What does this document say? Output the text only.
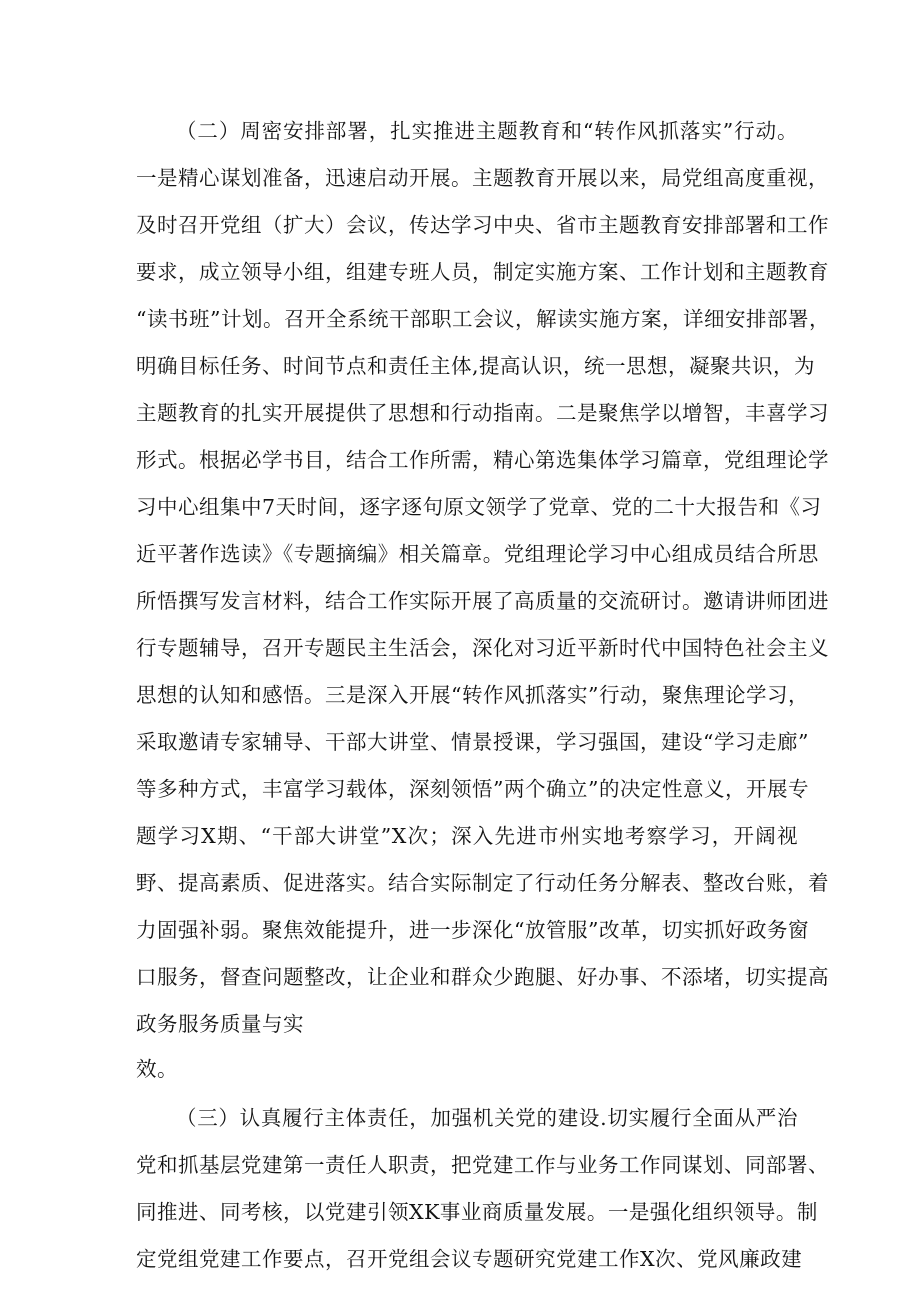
（二）周密安排部署，扎实推进主题教育和“转作风抓落实”行动。
一是精心谋划准备，迅速启动开展。主题教育开展以来，局党组高度重视，
及时召开党组（扩大）会议，传达学习中央、省市主题教育安排部署和工作
要求，成立领导小组，组建专班人员，制定实施方案、工作计划和主题教育
“读书班”计划。召开全系统干部职工会议，解读实施方案，详细安排部署，
明确目标任务、时间节点和责任主体,提高认识，统一思想，凝聚共识，为
主题教育的扎实开展提供了思想和行动指南。二是聚焦学以增智，丰喜学习
形式。根据必学书目，结合工作所需，精心第选集体学习篇章，党组理论学
习中心组集中7天时间，逐字逐句原文领学了党章、党的二十大报告和《习
近平著作选读》《专题摘编》相关篇章。党组理论学习中心组成员结合所思
所悟撰写发言材料，结合工作实际开展了高质量的交流研讨。邀请讲师团进
行专题辅导，召开专题民主生活会，深化对习近平新时代中国特色社会主义
思想的认知和感悟。三是深入开展“转作风抓落实”行动，聚焦理论学习，
采取邀请专家辅导、干部大讲堂、情景授课，学习强国，建设“学习走廊”
等多种方式，丰富学习载体，深刻领悟”两个确立”的决定性意义，开展专
题学习X期、“干部大讲堂”X次；深入先进市州实地考察学习，开阔视
野、提高素质、促进落实。结合实际制定了行动任务分解表、整改台账，着
力固强补弱。聚焦效能提升，进一步深化“放管服”改革，切实抓好政务窗
口服务，督查问题整改，让企业和群众少跑腿、好办事、不添堵，切实提高
政务服务质量与实
效。
（三）认真履行主体责任，加强机关党的建设.切实履行全面从严治
党和抓基层党建第一责任人职责，把党建工作与业务工作同谋划、同部署、
同推进、同考核，以党建引领XK事业商质量发展。一是强化组织领导。制
定党组党建工作要点，召开党组会议专题研究党建工作X次、党风廉政建
